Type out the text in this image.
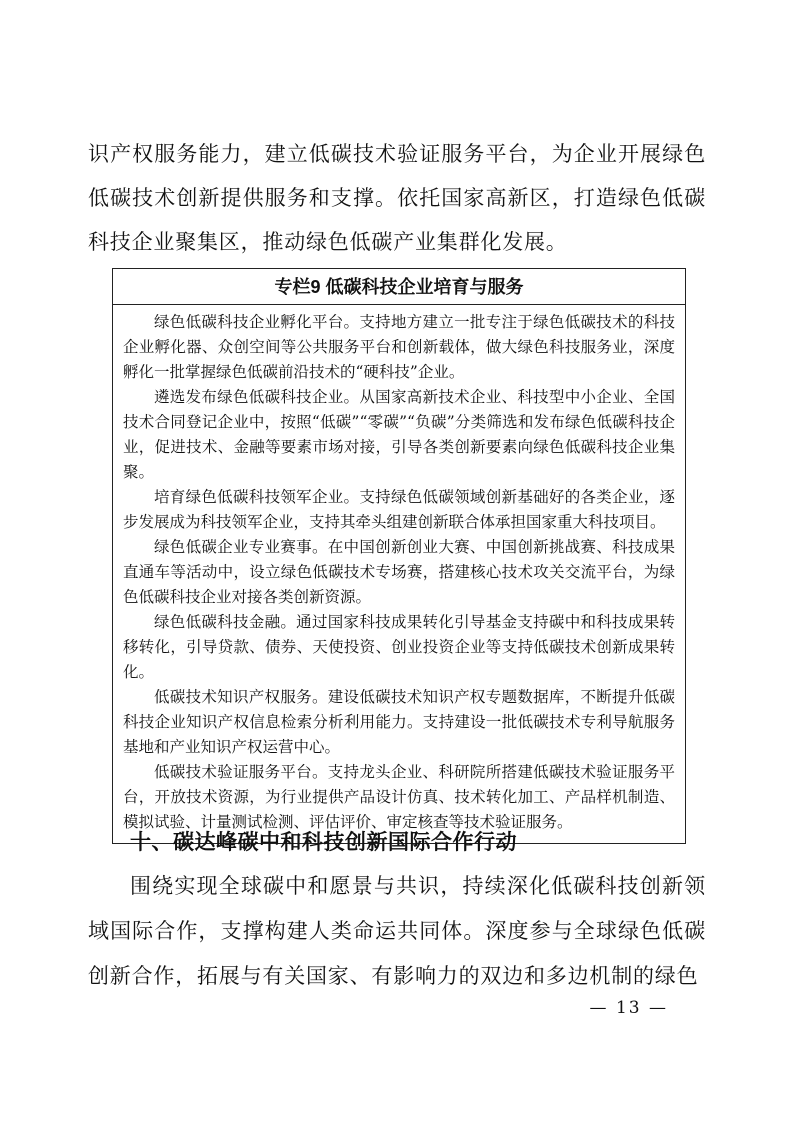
识产权服务能力，建立低碳技术验证服务平台，为企业开展绿色低碳技术创新提供服务和支撑。依托国家高新区，打造绿色低碳科技企业聚集区，推动绿色低碳产业集群化发展。
专栏9 低碳科技企业培育与服务

绿色低碳科技企业孵化平台。支持地方建立一批专注于绿色低碳技术的科技企业孵化器、众创空间等公共服务平台和创新载体，做大绿色科技服务业，深度孵化一批掌握绿色低碳前沿技术的“硬科技”企业。

遴选发布绿色低碳科技企业。从国家高新技术企业、科技型中小企业、全国技术合同登记企业中，按照“低碳”“零碳”“负碳”分类筛选和发布绿色低碳科技企业，促进技术、金融等要素市场对接，引导各类创新要素向绿色低碳科技企业集聚。

培育绿色低碳科技领军企业。支持绿色低碳领域创新基础好的各类企业，逐步发展成为科技领军企业，支持其牵头组建创新联合体承担国家重大科技项目。

绿色低碳企业专业赛事。在中国创新创业大赛、中国创新挑战赛、科技成果直通车等活动中，设立绿色低碳技术专场赛，搭建核心技术攻关交流平台，为绿色低碳科技企业对接各类创新资源。

绿色低碳科技金融。通过国家科技成果转化引导基金支持碳中和科技成果转移转化，引导贷款、债券、天使投资、创业投资企业等支持低碳技术创新成果转化。

低碳技术知识产权服务。建设低碳技术知识产权专题数据库，不断提升低碳科技企业知识产权信息检索分析利用能力。支持建设一批低碳技术专利导航服务基地和产业知识产权运营中心。

低碳技术验证服务平台。支持龙头企业、科研院所搭建低碳技术验证服务平台，开放技术资源，为行业提供产品设计仿真、技术转化加工、产品样机制造、模拟试验、计量测试检测、评估评价、审定核查等技术验证服务。

十、碳达峰碳中和科技创新国际合作行动
围绕实现全球碳中和愿景与共识，持续深化低碳科技创新领域国际合作，支撑构建人类命运共同体。深度参与全球绿色低碳创新合作，拓展与有关国家、有影响力的双边和多边机制的绿色
— 13 —
